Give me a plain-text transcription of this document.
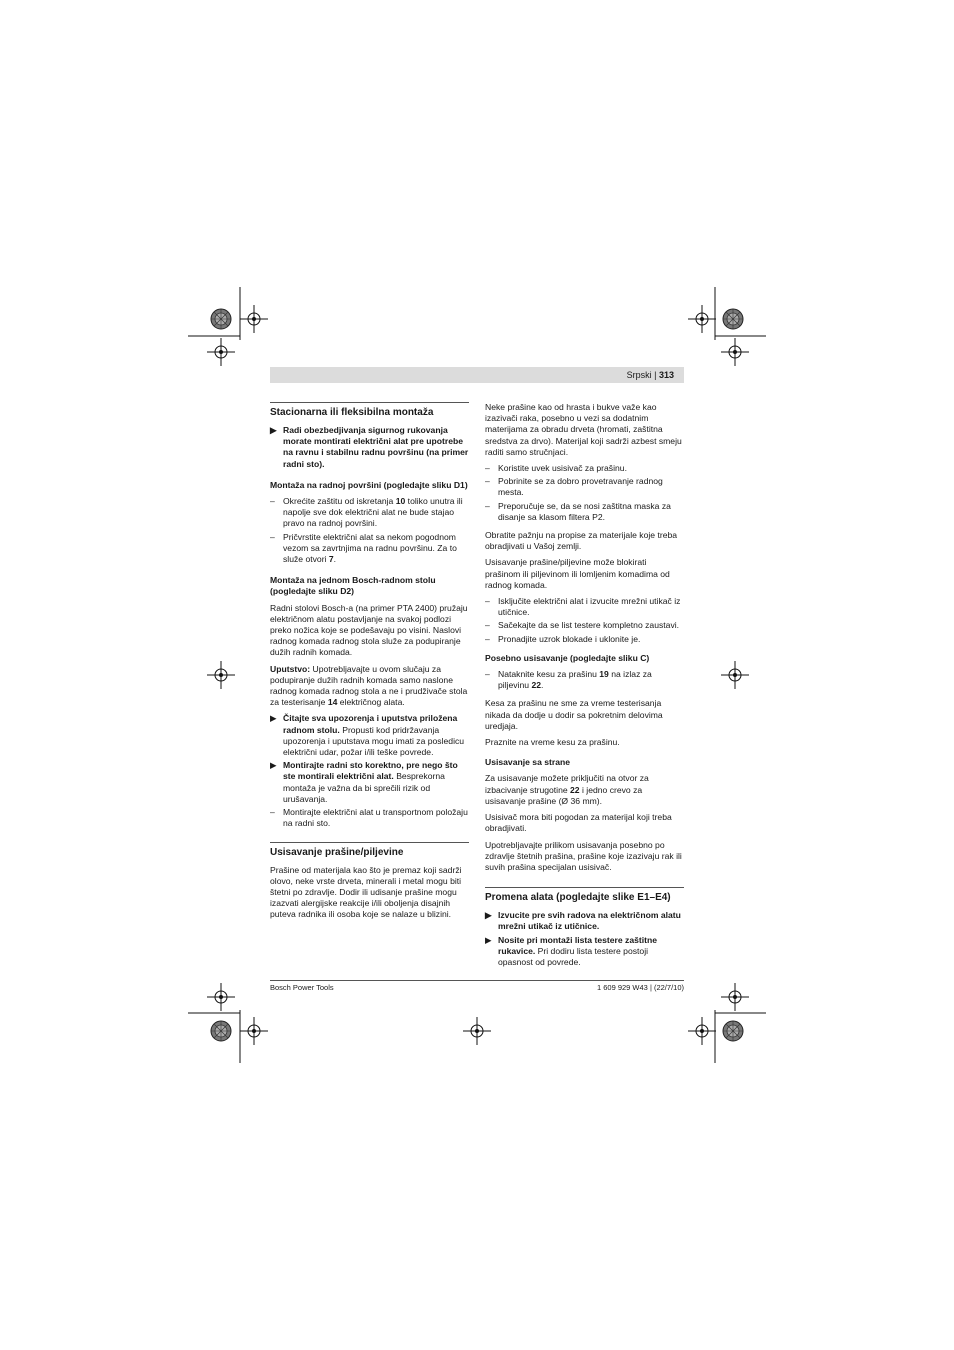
Srpski | 313
Stacionarna ili fleksibilna montaža
▶ Radi obezbedjivanja sigurnog rukovanja morate montirati električni alat pre upotrebe na ravnu i stabilnu radnu površinu (na primer radni sto).
Montaža na radnoj površini (pogledajte sliku D1)
– Okrećite zaštitu od iskretanja 10 toliko unutra ili napolje sve dok električni alat ne bude stajao pravo na radnoj površini.
– Pričvrstite električni alat sa nekom pogodnom vezom sa zavrtnjima na radnu površinu. Za to služe otvori 7.
Montaža na jednom Bosch-radnom stolu (pogledajte sliku D2)
Radni stolovi Bosch-a (na primer PTA 2400) pružaju električnom alatu postavljanje na svakoj podlozi preko nožica koje se podešavaju po visini. Naslovi radnog komada radnog stola služe za podupiranje dužih radnih komada.
Uputstvo: Upotrebljavajte u ovom slučaju za podupiranje dužih radnih komada samo naslone radnog komada radnog stola a ne i prudživače stola za testerisanje 14 električnog alata.
▶ Čitajte sva upozorenja i uputstva priložena radnom stolu. Propusti kod pridržavanja upozorenja i uputstava mogu imati za posledicu električni udar, požar i/ili teške povrede.
▶ Montirajte radni sto korektno, pre nego što ste montirali električni alat. Besprekorna montaža je važna da bi sprečili rizik od urušavanja.
– Montirajte električni alat u transportnom položaju na radni sto.
Usisavanje prašine/piljevine
Prašine od materijala kao što je premaz koji sadrži olovo, neke vrste drveta, minerali i metal mogu biti štetni po zdravlje. Dodir ili udisanje prašine mogu izazvati alergijske reakcije i/ili oboljenja disajnih puteva radnika ili osoba koje se nalaze u blizini.
Neke prašine kao od hrasta i bukve važe kao izazivači raka, posebno u vezi sa dodatnim materijama za obradu drveta (hromati, zaštitna sredstva za drvo). Materijal koji sadrži azbest smeju raditi samo stručnjaci.
– Koristite uvek usisivač za prašinu.
– Pobrinite se za dobro provetravanje radnog mesta.
– Preporučuje se, da se nosi zaštitna maska za disanje sa klasom filtera P2.
Obratite pažnju na propise za materijale koje treba obradjivati u Vašoj zemlji.
Usisavanje prašine/piljevine može blokirati prašinom ili piljevinom ili lomljenim komadima od radnog komada.
– Isključite električni alat i izvucite mrežni utikač iz utičnice.
– Sačekajte da se list testere kompletno zaustavi.
– Pronadjite uzrok blokade i uklonite je.
Posebno usisavanje (pogledajte sliku C)
– Nataknite kesu za prašinu 19 na izlaz za piljevinu 22.
Kesa za prašinu ne sme za vreme testerisanja nikada da dodje u dodir sa pokretnim delovima uredjaja.
Praznite na vreme kesu za prašinu.
Usisavanje sa strane
Za usisavanje možete priključiti na otvor za izbacivanje strugotine 22 i jedno crevo za usisavanje prašine (Ø 36 mm).
Usisivač mora biti pogodan za materijal koji treba obradjivati.
Upotrebljavajte prilikom usisavanja posebno po zdravlje štetnih prašina, prašine koje izazivaju rak ili suvih prašina specijalan usisivač.
Promena alata (pogledajte slike E1–E4)
▶ Izvucite pre svih radova na električnom alatu mrežni utikač iz utičnice.
▶ Nosite pri montaži lista testere zaštitne rukavice. Pri dodiru lista testere postoji opasnost od povrede.
Bosch Power Tools	1 609 929 W43 | (22/7/10)
